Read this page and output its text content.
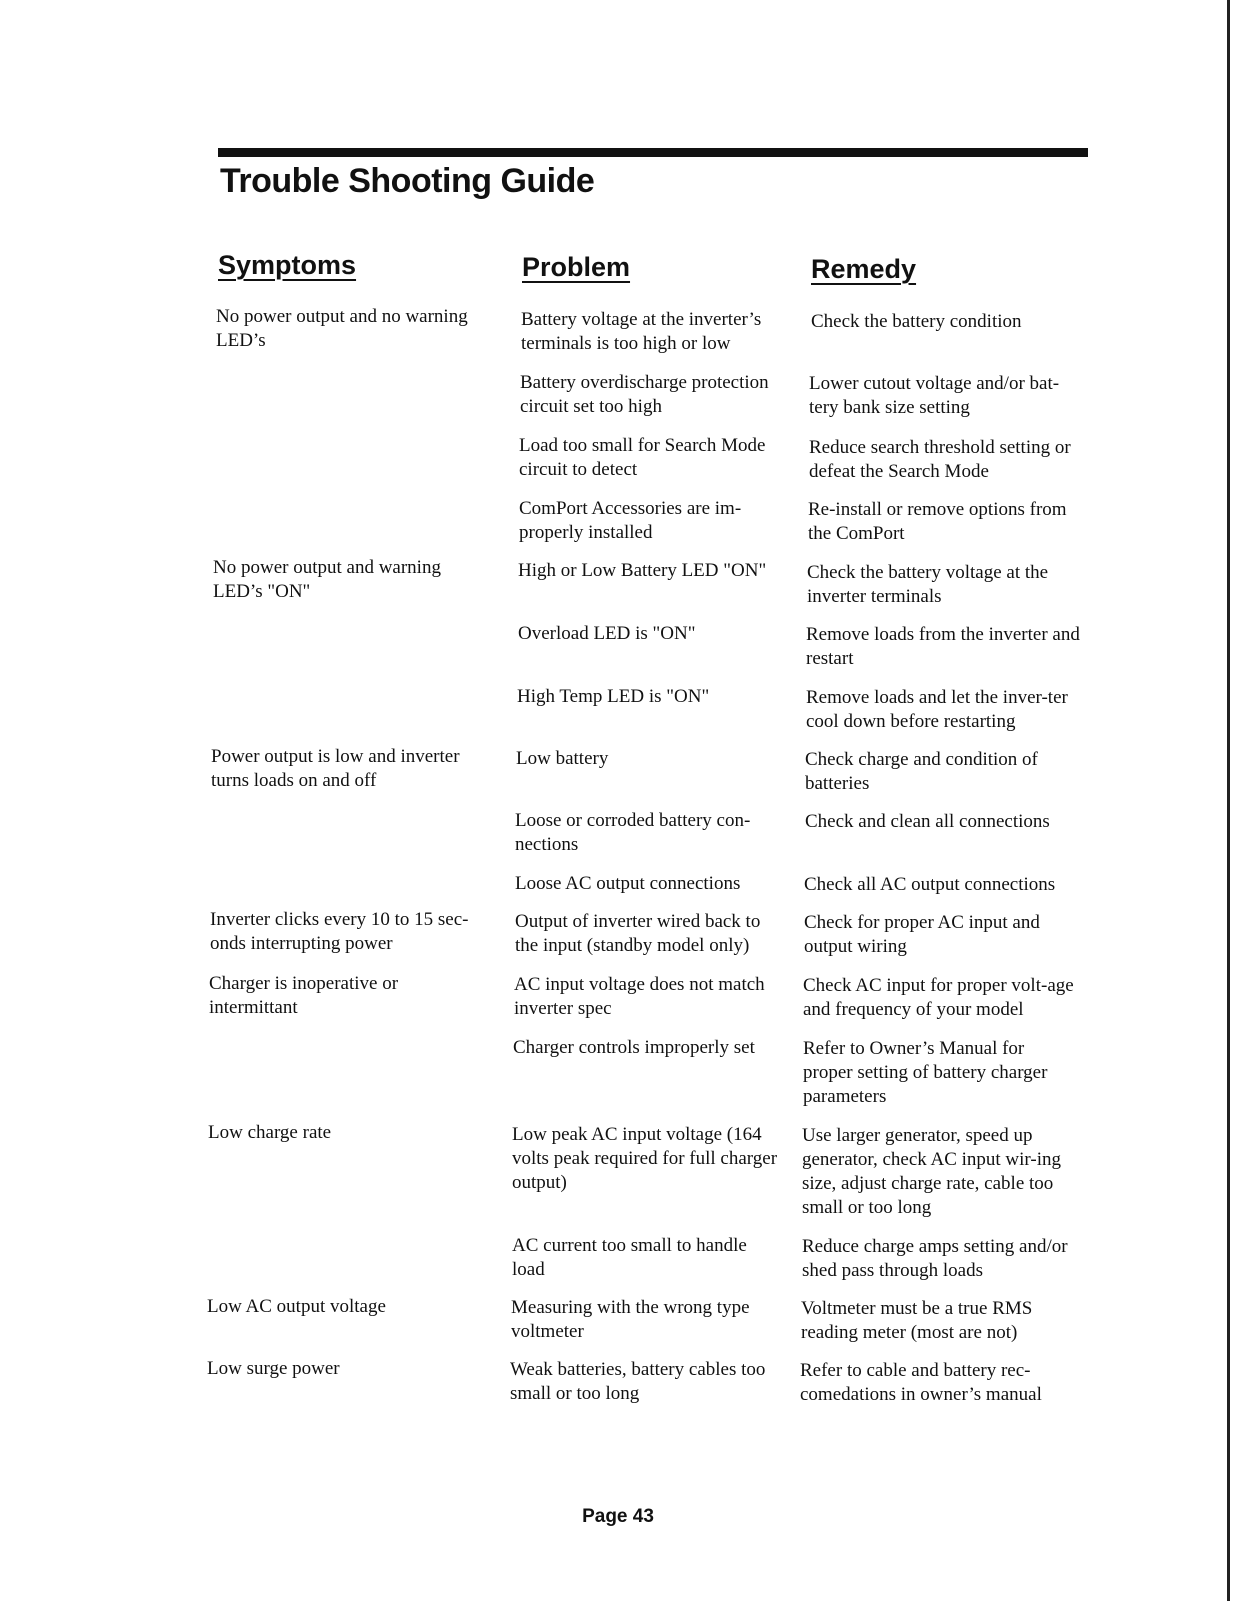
Trouble Shooting Guide
Symptoms	Problem	Remedy
No power output and no warning LED’s
No power output and warning LED’s "ON"
Power output is low and inverter turns loads on and off
Inverter clicks every 10 to 15 sec-onds interrupting power
Charger is inoperative or intermittant
Low charge rate
Low AC output voltage
Low surge power
Battery voltage at the inverter’s terminals is too high or low
Battery overdischarge protection circuit set too high
Load too small for Search Mode circuit to detect
ComPort Accessories are im-properly installed
High or Low Battery LED "ON"
Overload LED is "ON"
High Temp LED is "ON"
Low battery
Loose or corroded battery con-nections
Loose AC output connections
Output of inverter wired back to the input (standby model only)
AC input voltage does not match inverter spec
Charger controls improperly set
Low peak AC input voltage (164 volts peak required for full charger output)
AC current too small to handle load
Measuring with the wrong type voltmeter
Weak batteries, battery cables too small or too long
Check the battery condition
Lower cutout voltage and/or bat-tery bank size setting
Reduce search threshold setting or defeat the Search Mode
Re-install or remove options from the ComPort
Check the battery voltage at the inverter terminals
Remove loads from the inverter and restart
Remove loads and let the inver-ter cool down before restarting
Check charge and condition of batteries
Check and clean all connections
Check all AC output connections
Check for proper AC input and output wiring
Check AC input for proper volt-age and frequency of your model
Refer to Owner’s Manual for proper setting of battery charger parameters
Use larger generator, speed up generator, check AC input wir-ing size, adjust charge rate, cable too small or too long
Reduce charge amps setting and/or shed pass through loads
Voltmeter must be a true RMS reading meter (most are not)
Refer to cable and battery rec-comedations in owner’s manual
Page 43
